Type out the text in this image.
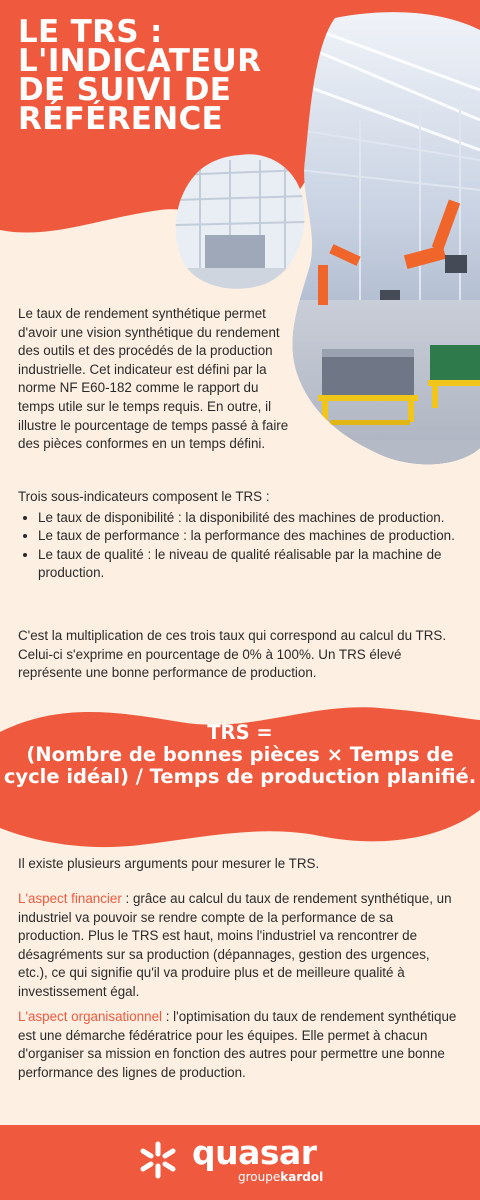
LE TRS :
L'INDICATEUR
DE SUIVI DE
RÉFÉRENCE

Le taux de rendement synthétique permet d'avoir une vision synthétique du rendement des outils et des procédés de la production industrielle. Cet indicateur est défini par la norme NF E60-182 comme le rapport du temps utile sur le temps requis. En outre, il illustre le pourcentage de temps passé à faire des pièces conformes en un temps défini.

Trois sous-indicateurs composent le TRS :
• Le taux de disponibilité : la disponibilité des machines de production.
• Le taux de performance : la performance des machines de production.
• Le taux de qualité : le niveau de qualité réalisable par la machine de production.

C'est la multiplication de ces trois taux qui correspond au calcul du TRS. Celui-ci s'exprime en pourcentage de 0% à 100%. Un TRS élevé représente une bonne performance de production.

TRS =
(Nombre de bonnes pièces × Temps de
cycle idéal) / Temps de production planifié.

Il existe plusieurs arguments pour mesurer le TRS.

L'aspect financier : grâce au calcul du taux de rendement synthétique, un industriel va pouvoir se rendre compte de la performance de sa production. Plus le TRS est haut, moins l'industriel va rencontrer de désagréments sur sa production (dépannages, gestion des urgences, etc.), ce qui signifie qu'il va produire plus et de meilleure qualité à investissement égal.

L'aspect organisationnel : l'optimisation du taux de rendement synthétique est une démarche fédératrice pour les équipes. Elle permet à chacun d'organiser sa mission en fonction des autres pour permettre une bonne performance des lignes de production.

quasar
groupekardol
